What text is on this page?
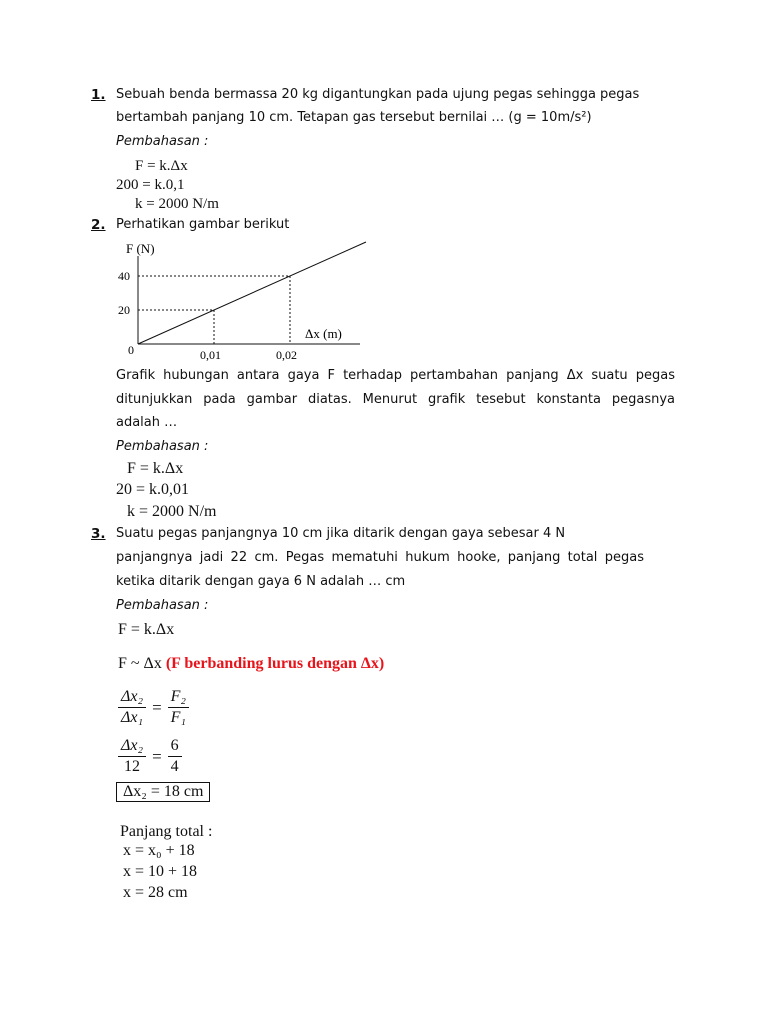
1. Sebuah benda bermassa 20 kg digantungkan pada ujung pegas sehingga pegas
bertambah panjang 10 cm. Tetapan gas tersebut bernilai … (g = 10m/s²)
Pembahasan :
F = k.Δx
200 = k.0,1
k = 2000 N/m
2. Perhatikan gambar berikut
F (N)
Δx (m)
20
40
0	0,01	0,02
Grafik hubungan antara gaya F terhadap pertambahan panjang Δx suatu pegas
ditunjukkan pada gambar diatas. Menurut grafik tesebut konstanta pegasnya
adalah …
Pembahasan :
F = k.Δx
20 = k.0,01
k = 2000 N/m
3. Suatu pegas panjangnya 10 cm jika ditarik dengan gaya sebesar 4 N
panjangnya jadi 22 cm. Pegas mematuhi hukum hooke, panjang total pegas
ketika ditarik dengan gaya 6 N adalah … cm
Pembahasan :
F = k.Δx
F ~ Δx (F berbanding lurus dengan Δx)
$\frac{\text{Δx₂}}{\text{Δx₁}} = \frac{\text{F₂}}{\text{F₁}}$
$\frac{\text{Δx₂}}{12} = \frac{6}{4}$
Δx₂ = 18 cm
Panjang total :
x = x₀ + 18
x = 10 + 18
x = 28 cm
